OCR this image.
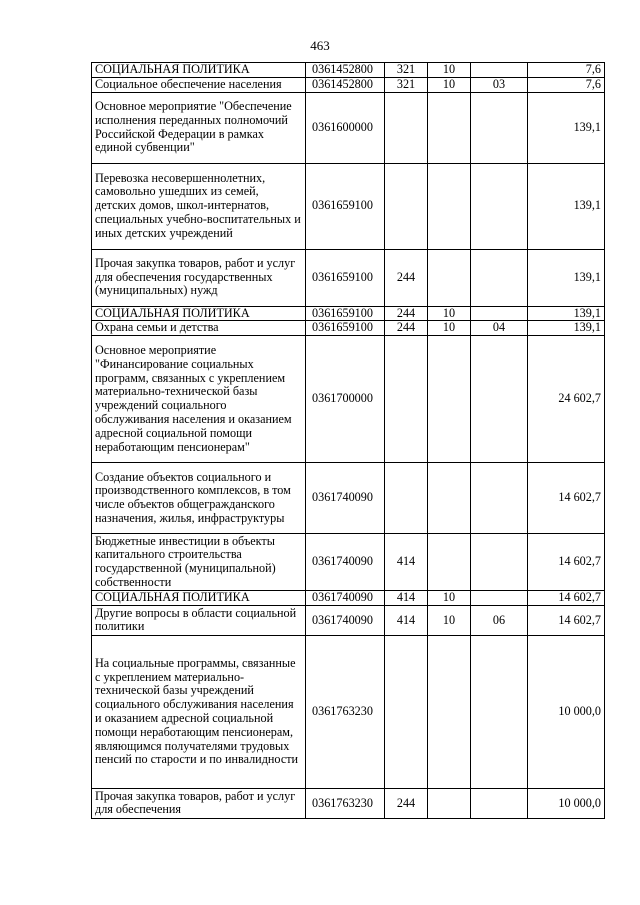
463
СОЦИАЛЬНАЯ ПОЛИТИКА	0361452800	321	10		7,6
Социальное обеспечение населения	0361452800	321	10	03	7,6

Основное мероприятие "Обеспечение исполнения переданных полномочий Российской Федерации в рамках единой субвенции"	0361600000				139,1

Перевозка несовершеннолетних, самовольно ушедших из семей, детских домов, школ-интернатов, специальных учебно-воспитательных и иных детских учреждений	0361659100				139,1

Прочая закупка товаров, работ и услуг для обеспечения государственных (муниципальных) нужд	0361659100	244			139,1
СОЦИАЛЬНАЯ ПОЛИТИКА	0361659100	244	10		139,1
Охрана семьи и детства	0361659100	244	10	04	139,1

Основное мероприятие "Финансирование социальных программ, связанных с укреплением материально-технической базы учреждений социального обслуживания населения и оказанием адресной социальной помощи неработающим пенсионерам"	0361700000				24 602,7

Создание объектов социального и производственного комплексов, в том числе объектов общегражданского назначения, жилья, инфраструктуры	0361740090				14 602,7

Бюджетные инвестиции в объекты капитального строительства государственной (муниципальной) собственности	0361740090	414			14 602,7
СОЦИАЛЬНАЯ ПОЛИТИКА	0361740090	414	10		14 602,7

Другие вопросы в области социальной политики	0361740090	414	10	06	14 602,7

На социальные программы, связанные с укреплением материально-технической базы учреждений социального обслуживания населения и оказанием адресной социальной помощи неработающим пенсионерам, являющимся получателями трудовых пенсий по старости и по инвалидности	0361763230				10 000,0

Прочая закупка товаров, работ и услуг для обеспечения	0361763230	244			10 000,0
